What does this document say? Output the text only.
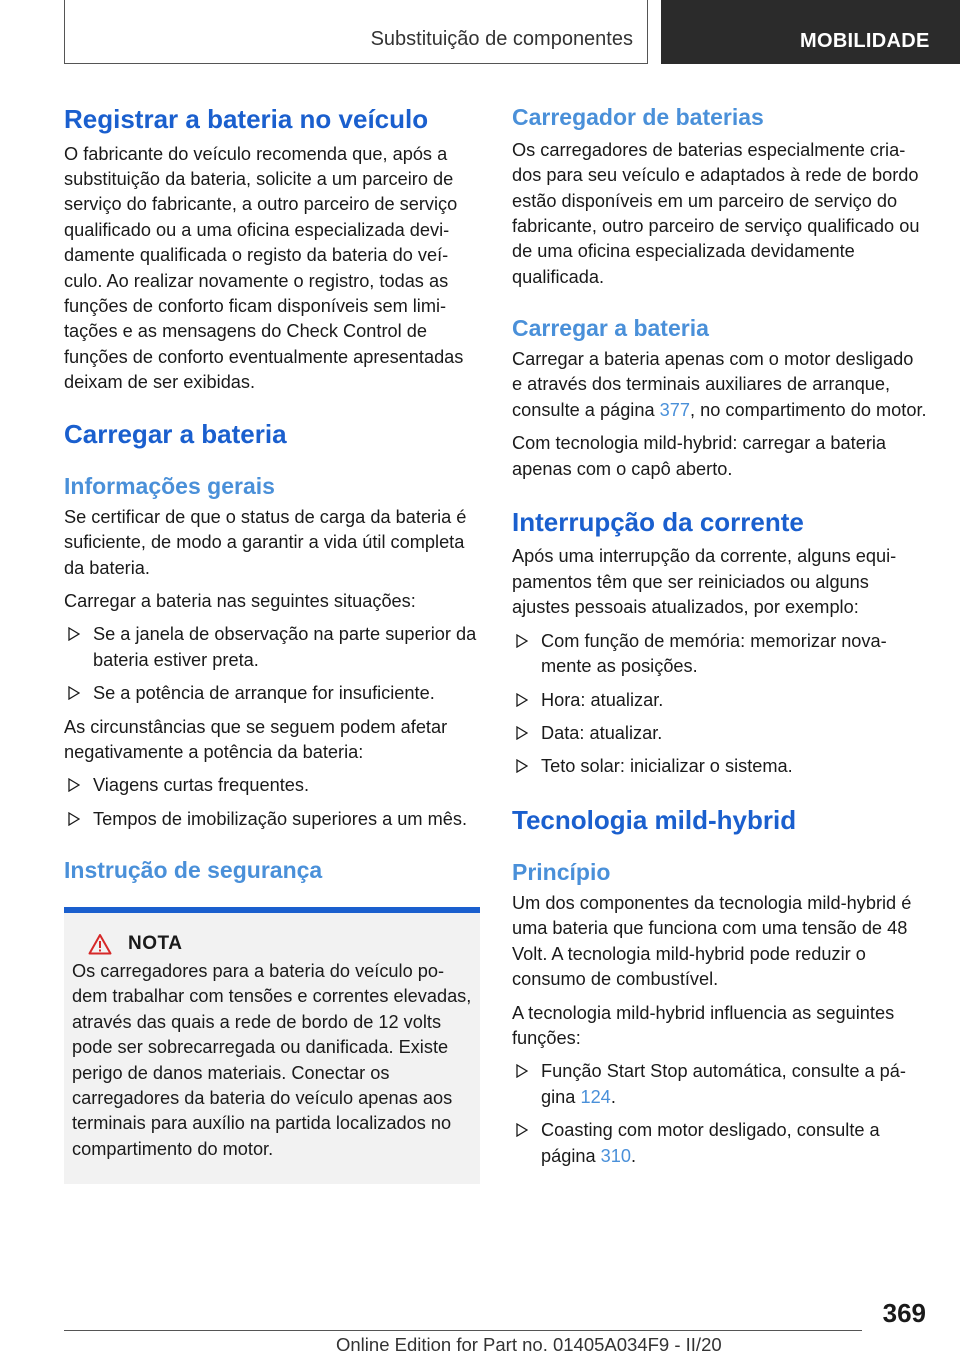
Substituição de componentes	MOBILIDADE
Registrar a bateria no veículo

O fabricante do veículo recomenda que, após a substituição da bateria, solicite a um parceiro de serviço do fabricante, a outro parceiro de serviço qualificado ou a uma oficina especializada devidamente qualificada o registo da bateria do veículo. Ao realizar novamente o registro, todas as funções de conforto ficam disponíveis sem limitações e as mensagens do Check Control de funções de conforto eventualmente apresentadas deixam de ser exibidas.

Carregar a bateria
Informações gerais

Se certificar de que o status de carga da bateria é suficiente, de modo a garantir a vida útil completa da bateria.

Carregar a bateria nas seguintes situações:

Se a janela de observação na parte superior da bateria estiver preta.
Se a potência de arranque for insuficiente.

As circunstâncias que se seguem podem afetar negativamente a potência da bateria:

Viagens curtas frequentes.
Tempos de imobilização superiores a um mês.
Instrução de segurança
NOTA

Os carregadores para a bateria do veículo podem trabalhar com tensões e correntes elevadas, através das quais a rede de bordo de 12 volts pode ser sobrecarregada ou danificada. Existe perigo de danos materiais. Conectar os carregadores da bateria do veículo apenas aos terminais para auxílio na partida localizados no compartimento do motor.

Carregador de baterias

Os carregadores de baterias especialmente criados para seu veículo e adaptados à rede de bordo estão disponíveis em um parceiro de serviço do fabricante, outro parceiro de serviço qualificado ou de uma oficina especializada devidamente qualificada.

Carregar a bateria

Carregar a bateria apenas com o motor desligado e através dos terminais auxiliares de arranque, consulte a página 377, no compartimento do motor.

Com tecnologia mild-hybrid: carregar a bateria apenas com o capô aberto.

Interrupção da corrente

Após uma interrupção da corrente, alguns equipamentos têm que ser reiniciados ou alguns ajustes pessoais atualizados, por exemplo:

Com função de memória: memorizar novamente as posições.
Hora: atualizar.
Data: atualizar.
Teto solar: inicializar o sistema.
Tecnologia mild-hybrid
Princípio

Um dos componentes da tecnologia mild-hybrid é uma bateria que funciona com uma tensão de 48 Volt. A tecnologia mild-hybrid pode reduzir o consumo de combustível.

A tecnologia mild-hybrid influencia as seguintes funções:

Função Start Stop automática, consulte a página 124.
Coasting com motor desligado, consulte a página 310.
369
Online Edition for Part no. 01405A034F9 - II/20
